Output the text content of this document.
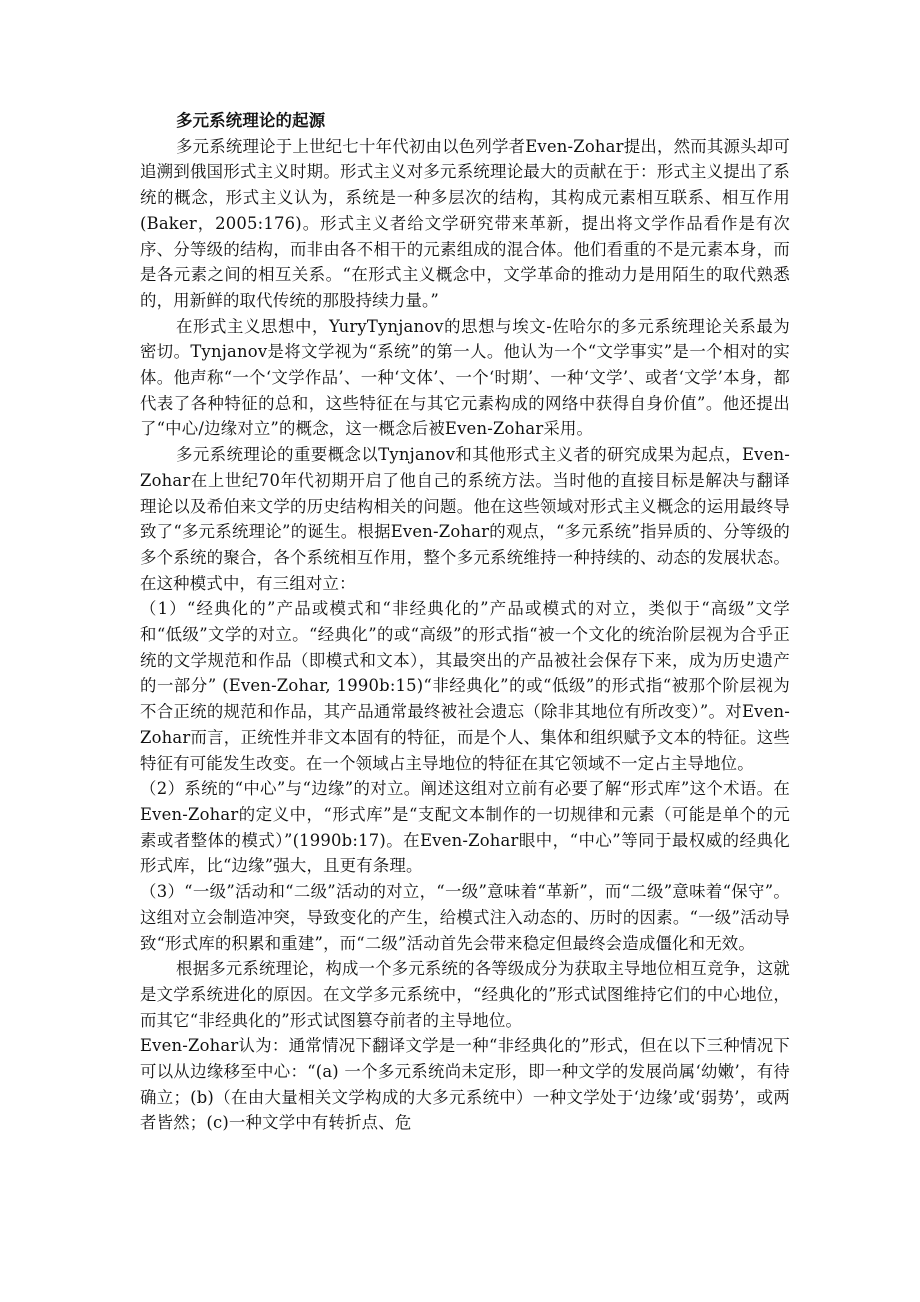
多元系统理论的起源

多元系统理论于上世纪七十年代初由以色列学者Even-Zohar提出，然而其源头却可追溯到俄国形式主义时期。形式主义对多元系统理论最大的贡献在于：形式主义提出了系统的概念，形式主义认为，系统是一种多层次的结构，其构成元素相互联系、相互作用(Baker，2005:176)。形式主义者给文学研究带来革新，提出将文学作品看作是有次序、分等级的结构，而非由各不相干的元素组成的混合体。他们看重的不是元素本身，而是各元素之间的相互关系。“在形式主义概念中，文学革命的推动力是用陌生的取代熟悉的，用新鲜的取代传统的那股持续力量。”

在形式主义思想中，YuryTynjanov的思想与埃文-佐哈尔的多元系统理论关系最为密切。Tynjanov是将文学视为“系统”的第一人。他认为一个“文学事实”是一个相对的实体。他声称“一个‘文学作品’、一种‘文体’、一个‘时期’、一种‘文学’、或者‘文学’本身，都代表了各种特征的总和，这些特征在与其它元素构成的网络中获得自身价值”。他还提出了“中心/边缘对立”的概念，这一概念后被Even-Zohar采用。

多元系统理论的重要概念以Tynjanov和其他形式主义者的研究成果为起点，Even-Zohar在上世纪70年代初期开启了他自己的系统方法。当时他的直接目标是解决与翻译理论以及希伯来文学的历史结构相关的问题。他在这些领域对形式主义概念的运用最终导致了“多元系统理论”的诞生。根据Even-Zohar的观点，“多元系统”指异质的、分等级的多个系统的聚合，各个系统相互作用，整个多元系统维持一种持续的、动态的发展状态。在这种模式中，有三组对立：

（1）“经典化的”产品或模式和“非经典化的”产品或模式的对立，类似于“高级”文学和“低级”文学的对立。“经典化”的或“高级”的形式指“被一个文化的统治阶层视为合乎正统的文学规范和作品（即模式和文本），其最突出的产品被社会保存下来，成为历史遗产的一部分” (Even-Zohar, 1990b:15)“非经典化”的或“低级”的形式指“被那个阶层视为不合正统的规范和作品，其产品通常最终被社会遗忘（除非其地位有所改变）”。对Even-Zohar而言，正统性并非文本固有的特征，而是个人、集体和组织赋予文本的特征。这些特征有可能发生改变。在一个领域占主导地位的特征在其它领域不一定占主导地位。

（2）系统的“中心”与“边缘”的对立。阐述这组对立前有必要了解“形式库”这个术语。在Even-Zohar的定义中，“形式库”是“支配文本制作的一切规律和元素（可能是单个的元素或者整体的模式）”(1990b:17)。在Even-Zohar眼中，“中心”等同于最权威的经典化形式库，比“边缘”强大，且更有条理。

（3）“一级”活动和“二级”活动的对立，“一级”意味着“革新”，而“二级”意味着“保守”。这组对立会制造冲突，导致变化的产生，给模式注入动态的、历时的因素。“一级”活动导致“形式库的积累和重建”，而“二级”活动首先会带来稳定但最终会造成僵化和无效。

根据多元系统理论，构成一个多元系统的各等级成分为获取主导地位相互竞争，这就是文学系统进化的原因。在文学多元系统中，“经典化的”形式试图维持它们的中心地位，而其它“非经典化的”形式试图篡夺前者的主导地位。

Even-Zohar认为：通常情况下翻译文学是一种“非经典化的”形式，但在以下三种情况下可以从边缘移至中心：“(a) 一个多元系统尚未定形，即一种文学的发展尚属‘幼嫩’，有待确立；(b)（在由大量相关文学构成的大多元系统中）一种文学处于‘边缘’或‘弱势’，或两者皆然；(c)一种文学中有转折点、危
